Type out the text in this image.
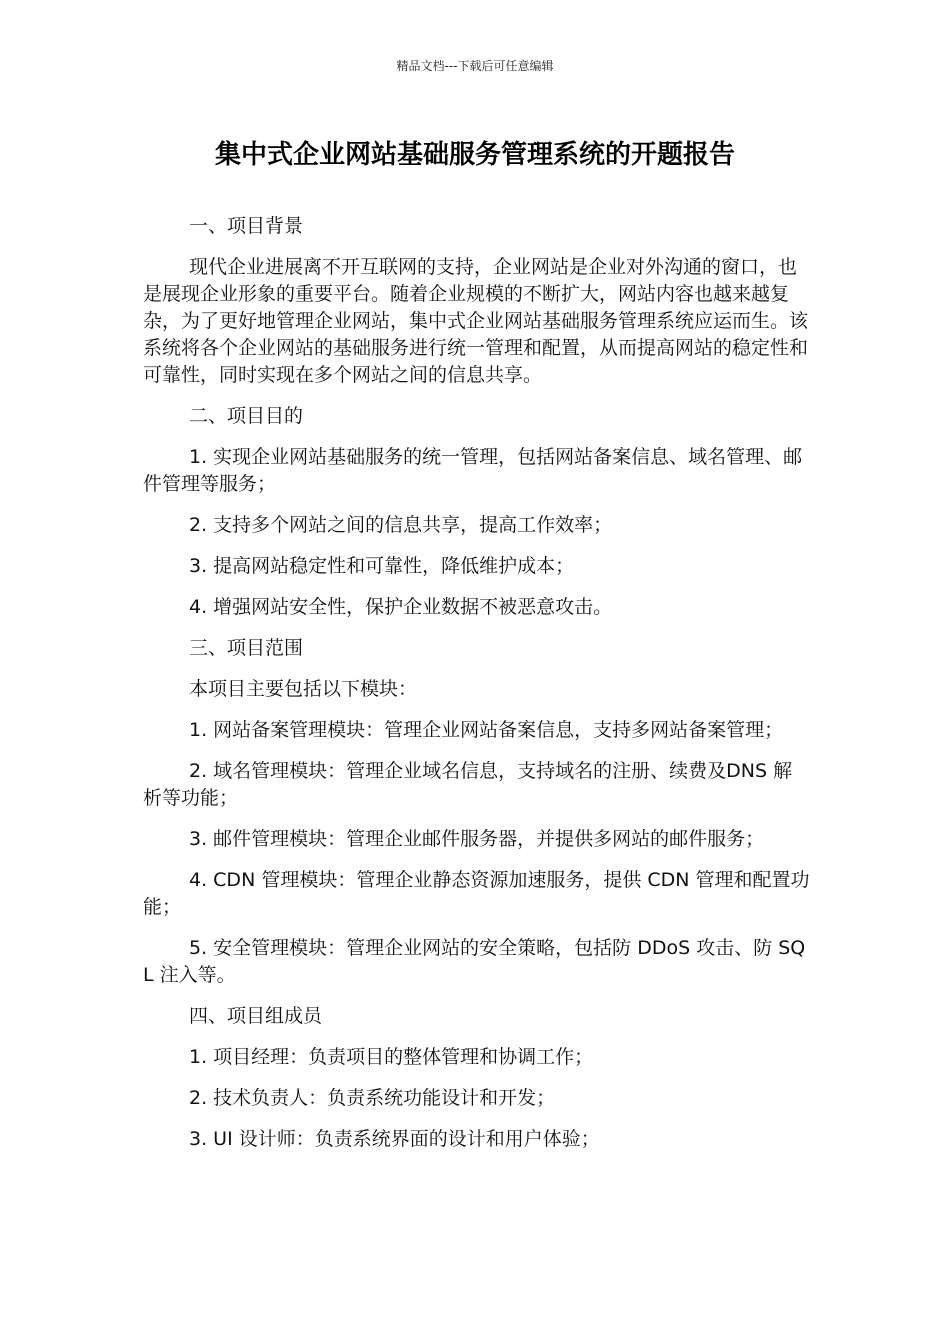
精品文档---下载后可任意编辑
集中式企业网站基础服务管理系统的开题报告

一、项目背景

现代企业进展离不开互联网的支持，企业网站是企业对外沟通的窗口，也是展现企业形象的重要平台。随着企业规模的不断扩大，网站内容也越来越复杂，为了更好地管理企业网站，集中式企业网站基础服务管理系统应运而生。该系统将各个企业网站的基础服务进行统一管理和配置，从而提高网站的稳定性和可靠性，同时实现在多个网站之间的信息共享。

二、项目目的

1. 实现企业网站基础服务的统一管理，包括网站备案信息、域名管理、邮件管理等服务；

2. 支持多个网站之间的信息共享，提高工作效率；

3. 提高网站稳定性和可靠性，降低维护成本；

4. 增强网站安全性，保护企业数据不被恶意攻击。

三、项目范围

本项目主要包括以下模块：

1. 网站备案管理模块：管理企业网站备案信息，支持多网站备案管理；

2. 域名管理模块：管理企业域名信息，支持域名的注册、续费及DNS 解析等功能；

3. 邮件管理模块：管理企业邮件服务器，并提供多网站的邮件服务；

4. CDN 管理模块：管理企业静态资源加速服务，提供 CDN 管理和配置功能；

5. 安全管理模块：管理企业网站的安全策略，包括防 DDoS 攻击、防 SQL 注入等。

四、项目组成员

1. 项目经理：负责项目的整体管理和协调工作；

2. 技术负责人：负责系统功能设计和开发；

3. UI 设计师：负责系统界面的设计和用户体验；
